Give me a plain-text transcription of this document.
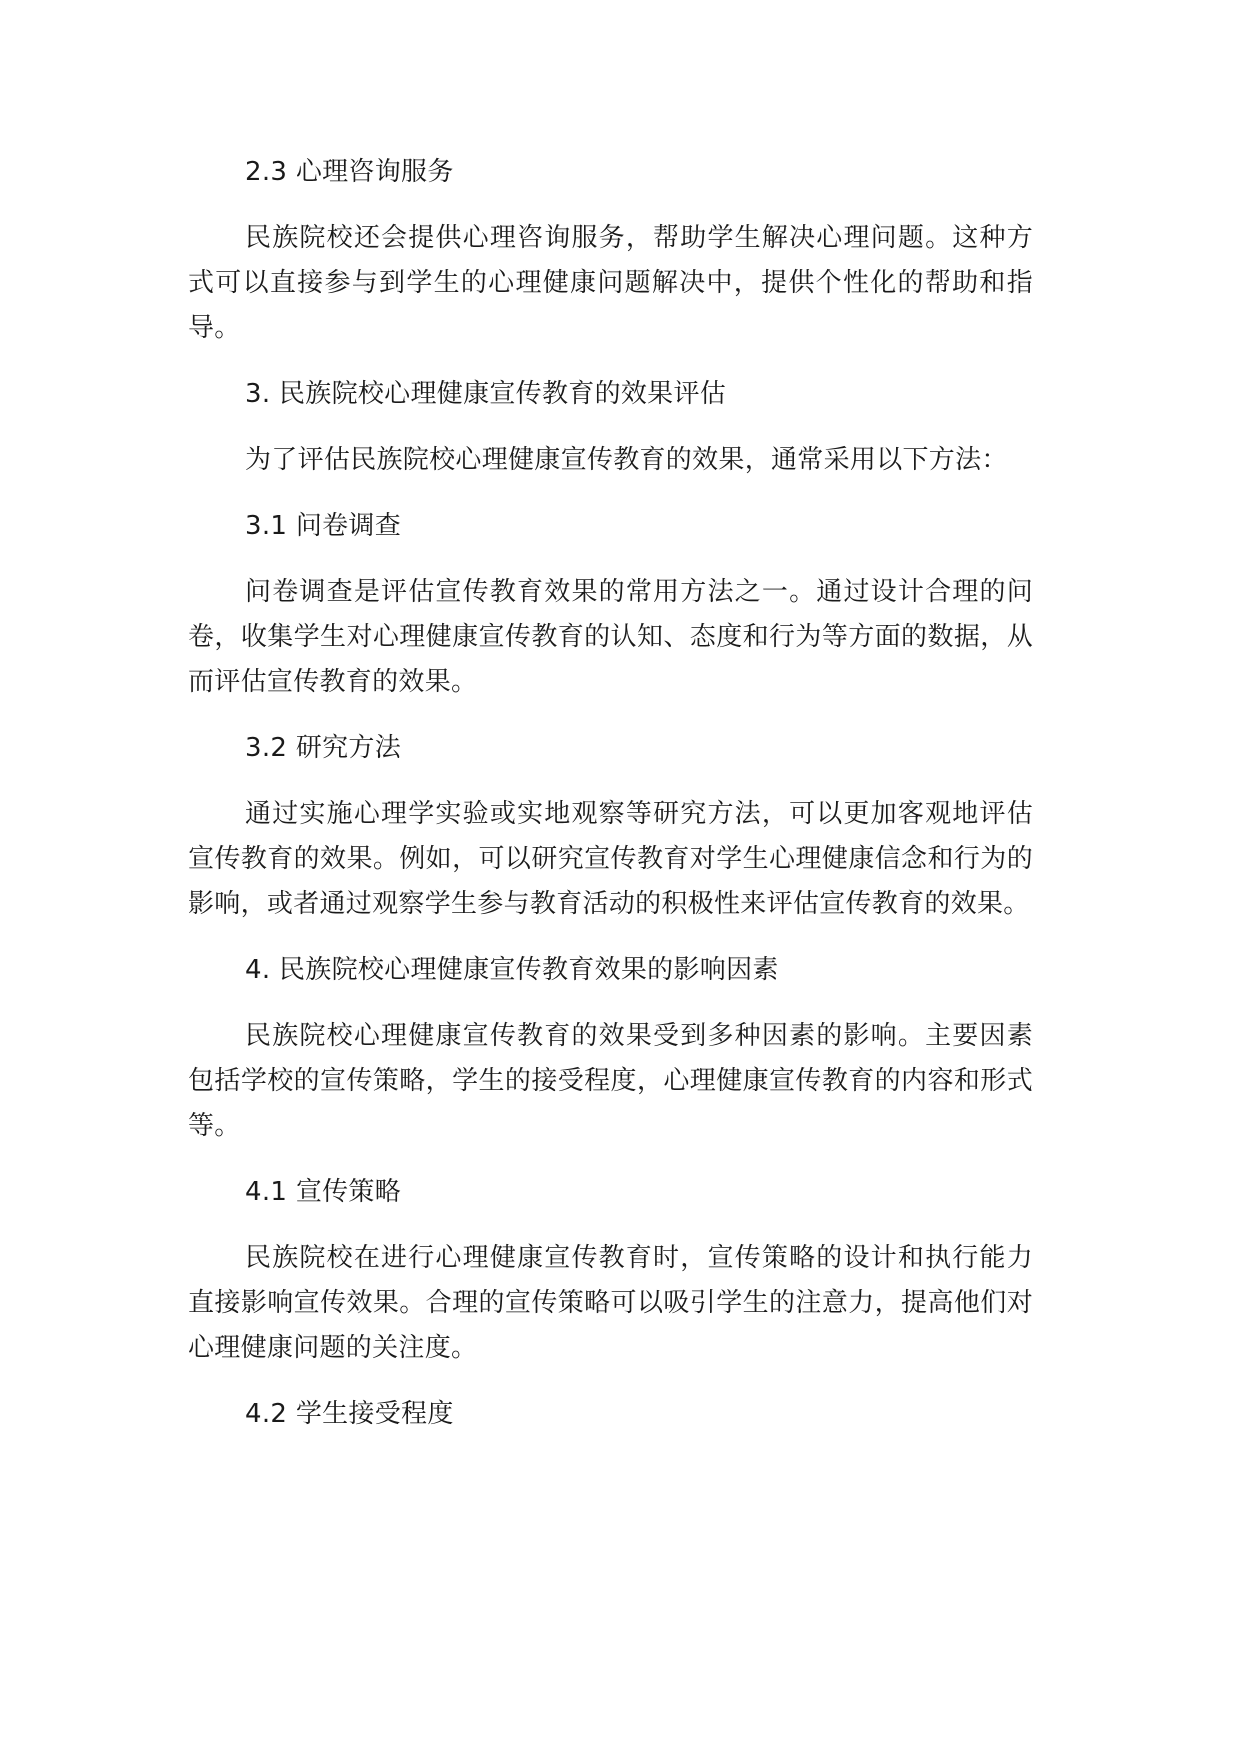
2.3 心理咨询服务

民族院校还会提供心理咨询服务，帮助学生解决心理问题。这种方式可以直接参与到学生的心理健康问题解决中，提供个性化的帮助和指导。

3. 民族院校心理健康宣传教育的效果评估

为了评估民族院校心理健康宣传教育的效果，通常采用以下方法：

3.1 问卷调查

问卷调查是评估宣传教育效果的常用方法之一。通过设计合理的问卷，收集学生对心理健康宣传教育的认知、态度和行为等方面的数据，从而评估宣传教育的效果。

3.2 研究方法

通过实施心理学实验或实地观察等研究方法，可以更加客观地评估宣传教育的效果。例如，可以研究宣传教育对学生心理健康信念和行为的影响，或者通过观察学生参与教育活动的积极性来评估宣传教育的效果。

4. 民族院校心理健康宣传教育效果的影响因素

民族院校心理健康宣传教育的效果受到多种因素的影响。主要因素包括学校的宣传策略，学生的接受程度，心理健康宣传教育的内容和形式等。

4.1 宣传策略

民族院校在进行心理健康宣传教育时，宣传策略的设计和执行能力直接影响宣传效果。合理的宣传策略可以吸引学生的注意力，提高他们对心理健康问题的关注度。

4.2 学生接受程度
